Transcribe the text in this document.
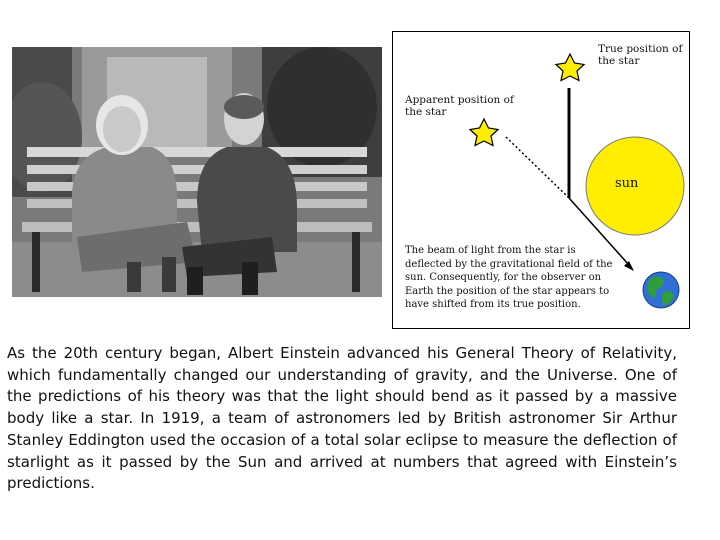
True position of the star

Apparent position of the star

sun

The beam of light from the star is deflected by the gravitational field of the sun. Consequently, for the observer on Earth the position of the star appears to have shifted from its true position.

As the 20th century began, Albert Einstein advanced his General Theory of Relativity, which fundamentally changed our understanding of gravity, and the Universe. One of the predictions of his theory was that the light should bend as it passed by a massive body like a star. In 1919, a team of astronomers led by British astronomer Sir Arthur Stanley Eddington used the occasion of a total solar eclipse to measure the deflection of starlight as it passed by the Sun and arrived at numbers that agreed with Einstein’s predictions.
